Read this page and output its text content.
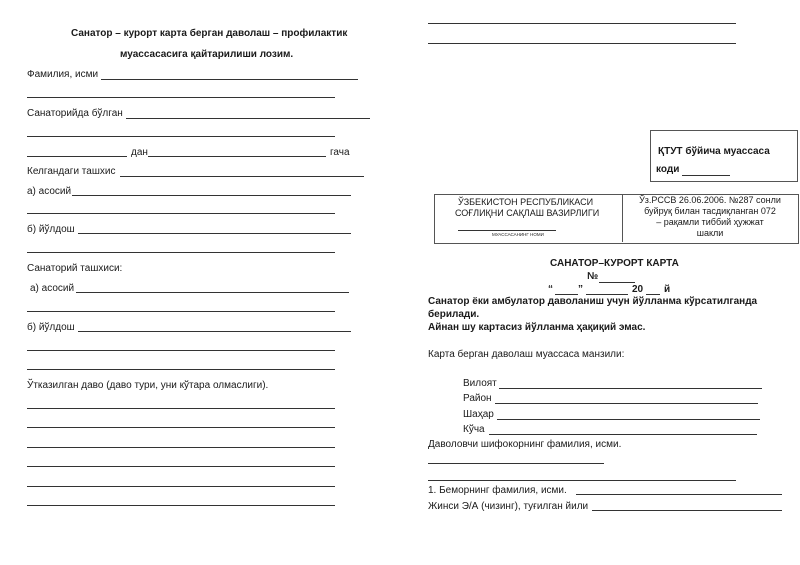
Санатор – курорт карта берган даволаш – профилактик
муассасасига қайтарилиши лозим.
Фамилия, исми
Санаторийда бўлган
дан	гача
Келгандаги ташхис
а) асосий
б) йўлдош
Санаторий ташхиси:
а) асосий
б) йўлдош
Ўтказилган даво (даво тури, уни кўтара олмаслиги).
ҚТУТ бўйича муассаса
коди
ЎЗБЕКИСТОН РЕСПУБЛИКАСИ
СОҒЛИҚНИ САҚЛАШ ВАЗИРЛИГИ
МУАССАСАНИНГ НОМИ
Ўз.РССВ 26.06.2006. №287 сонли
буйруқ билан тасдиқланган 072
– рақамли тиббий ҳужжат
шакли
САНАТОР–КУРОРТ КАРТА
№
“	”	20 й
Санатор ёки амбулатор даволаниш учун йўлланма кўрсатилганда
берилади.
Айнан шу картасиз йўлланма ҳақиқий эмас.
Карта берган даволаш муассаса манзили:
Вилоят
Район
Шаҳар
Кўча
Даволовчи шифокорнинг фамилия, исми.
1. Беморнинг фамилия, исми.
Жинси Э/А (чизинг), туғилган йили
